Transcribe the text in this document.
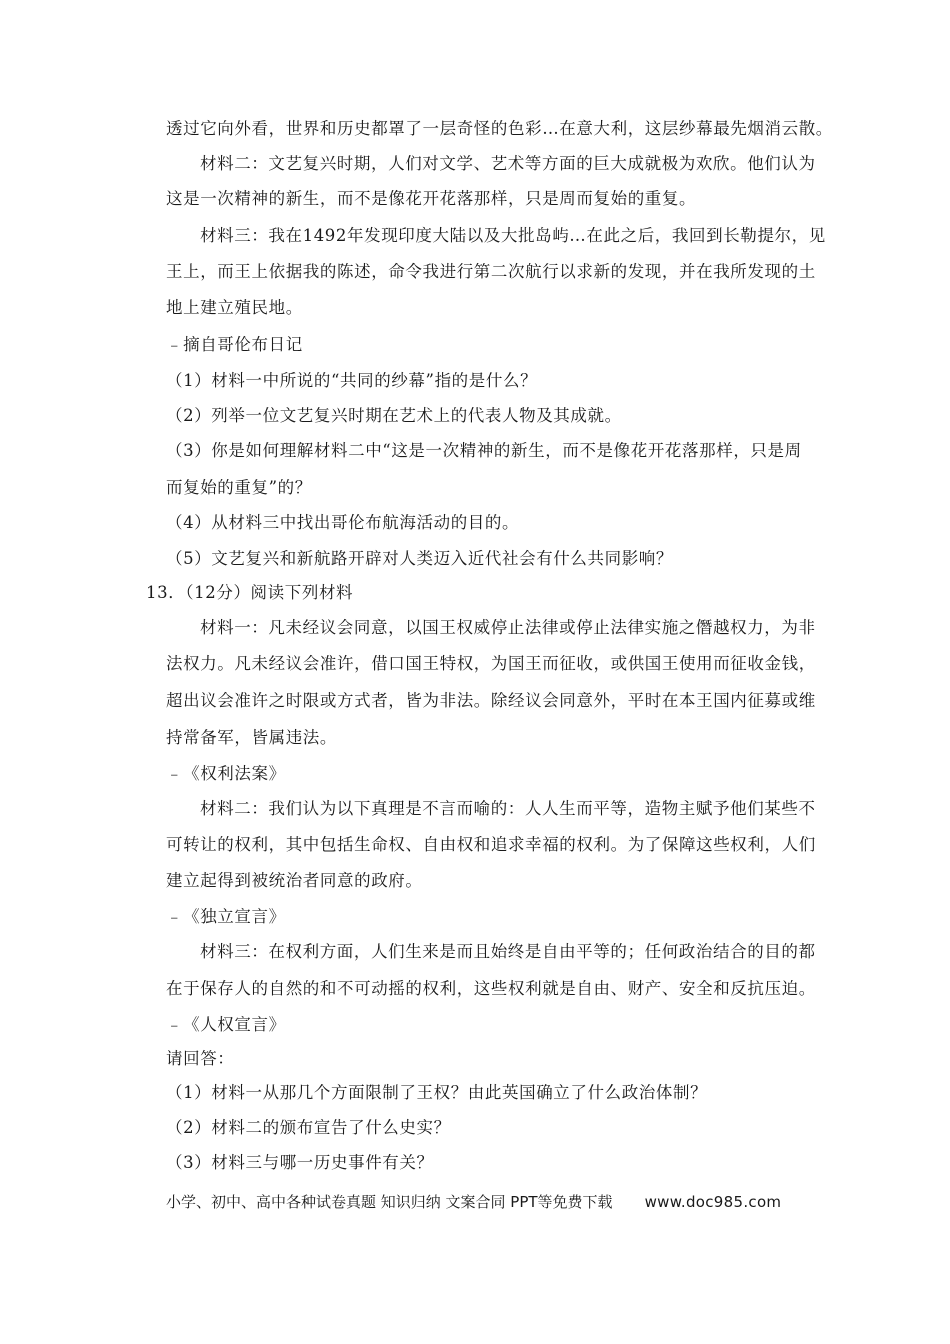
透过它向外看，世界和历史都罩了一层奇怪的色彩…在意大利，这层纱幕最先烟消云散。
材料二：文艺复兴时期，人们对文学、艺术等方面的巨大成就极为欢欣。他们认为
这是一次精神的新生，而不是像花开花落那样，只是周而复始的重复。
材料三：我在1492年发现印度大陆以及大批岛屿…在此之后，我回到长勒提尔，见
王上，而王上依据我的陈述，命令我进行第二次航行以求新的发现，并在我所发现的土
地上建立殖民地。
﹣摘自哥伦布日记
（1）材料一中所说的“共同的纱幕”指的是什么？
（2）列举一位文艺复兴时期在艺术上的代表人物及其成就。
（3）你是如何理解材料二中“这是一次精神的新生，而不是像花开花落那样，只是周
而复始的重复”的？
（4）从材料三中找出哥伦布航海活动的目的。
（5）文艺复兴和新航路开辟对人类迈入近代社会有什么共同影响？
13．（12分）阅读下列材料
材料一：凡未经议会同意，以国王权威停止法律或停止法律实施之僭越权力，为非
法权力。凡未经议会准许，借口国王特权，为国王而征收，或供国王使用而征收金钱，
超出议会准许之时限或方式者，皆为非法。除经议会同意外，平时在本王国内征募或维
持常备军，皆属违法。
﹣《权利法案》
材料二：我们认为以下真理是不言而喻的：人人生而平等，造物主赋予他们某些不
可转让的权利，其中包括生命权、自由权和追求幸福的权利。为了保障这些权利，人们
建立起得到被统治者同意的政府。
﹣《独立宣言》
材料三：在权利方面，人们生来是而且始终是自由平等的；任何政治结合的目的都
在于保存人的自然的和不可动摇的权利，这些权利就是自由、财产、安全和反抗压迫。
﹣《人权宣言》
请回答：
（1）材料一从那几个方面限制了王权？由此英国确立了什么政治体制？
（2）材料二的颁布宣告了什么史实？
（3）材料三与哪一历史事件有关？
小学、初中、高中各种试卷真题 知识归纳 文案合同 PPT等免费下载 www.doc985.com
